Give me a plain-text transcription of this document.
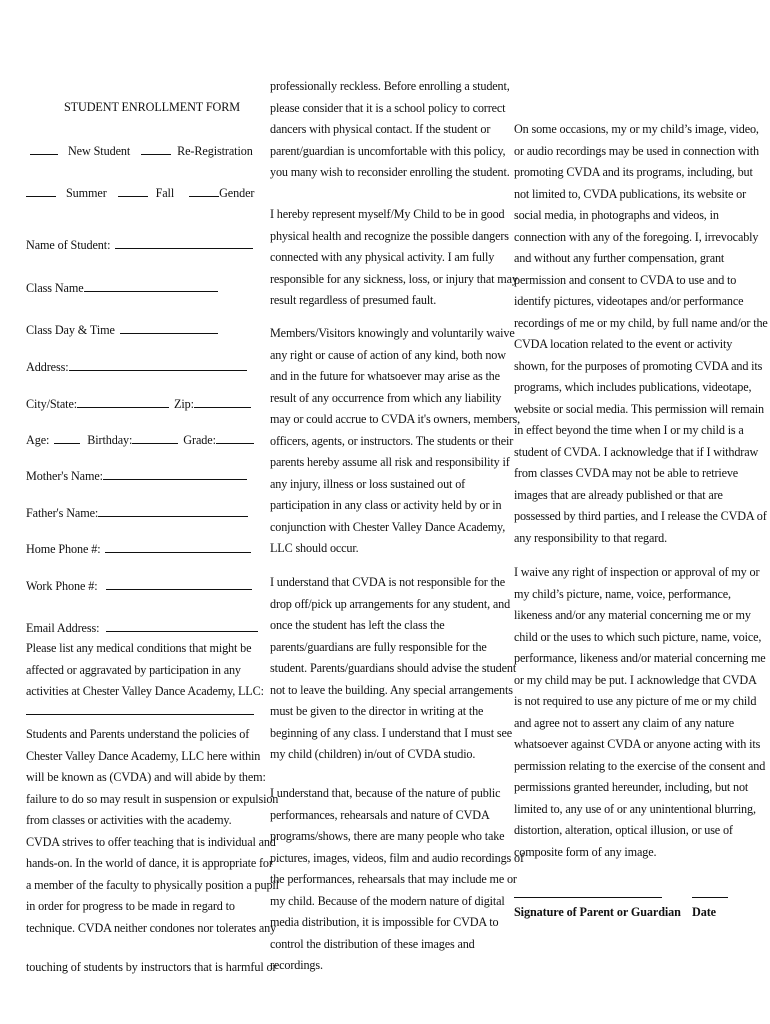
STUDENT ENROLLMENT FORM
New Student	Re-Registration
Summer	Fall	Gender
Name of Student:
Class Name
Class Day & Time
Address:
City/State:	Zip:
Age:	Birthday:	Grade:
Mother's Name:
Father's Name:
Home Phone #:
Work Phone #:
Email Address:
Please list any medical conditions that might be
affected or aggravated by participation in any
activities at Chester Valley Dance Academy, LLC:
Students and Parents understand the policies of
Chester Valley Dance Academy, LLC here within
will be known as (CVDA) and will abide by them:
failure to do so may result in suspension or expulsion
from classes or activities with the academy.
CVDA strives to offer teaching that is individual and
hands-on. In the world of dance, it is appropriate for
a member of the faculty to physically position a pupil
in order for progress to be made in regard to
technique. CVDA neither condones nor tolerates any
touching of students by instructors that is harmful or
professionally reckless. Before enrolling a student,
please consider that it is a school policy to correct
dancers with physical contact. If the student or
parent/guardian is uncomfortable with this policy,
you many wish to reconsider enrolling the student.
I hereby represent myself/My Child to be in good
physical health and recognize the possible dangers
connected with any physical activity. I am fully
responsible for any sickness, loss, or injury that may
result regardless of presumed fault.
Members/Visitors knowingly and voluntarily waive
any right or cause of action of any kind, both now
and in the future for whatsoever may arise as the
result of any occurrence from which any liability
may or could accrue to CVDA it's owners, members,
officers, agents, or instructors. The students or their
parents hereby assume all risk and responsibility if
any injury, illness or loss sustained out of
participation in any class or activity held by or in
conjunction with Chester Valley Dance Academy,
LLC should occur.
I understand that CVDA is not responsible for the
drop off/pick up arrangements for any student, and
once the student has left the class the
parents/guardians are fully responsible for the
student. Parents/guardians should advise the student
not to leave the building. Any special arrangements
must be given to the director in writing at the
beginning of any class. I understand that I must see
my child (children) in/out of CVDA studio.
I understand that, because of the nature of public
performances, rehearsals and nature of CVDA
programs/shows, there are many people who take
pictures, images, videos, film and audio recordings of
the performances, rehearsals that may include me or
my child. Because of the modern nature of digital
media distribution, it is impossible for CVDA to
control the distribution of these images and
recordings.
On some occasions, my or my child’s image, video,
or audio recordings may be used in connection with
promoting CVDA and its programs, including, but
not limited to, CVDA publications, its website or
social media, in photographs and videos, in
connection with any of the foregoing. I, irrevocably
and without any further compensation, grant
permission and consent to CVDA to use and to
identify pictures, videotapes and/or performance
recordings of me or my child, by full name and/or the
CVDA location related to the event or activity
shown, for the purposes of promoting CVDA and its
programs, which includes publications, videotape,
website or social media. This permission will remain
in effect beyond the time when I or my child is a
student of CVDA. I acknowledge that if I withdraw
from classes CVDA may not be able to retrieve
images that are already published or that are
possessed by third parties, and I release the CVDA of
any responsibility to that regard.
I waive any right of inspection or approval of my or
my child’s picture, name, voice, performance,
likeness and/or any material concerning me or my
child or the uses to which such picture, name, voice,
performance, likeness and/or material concerning me
or my child may be put. I acknowledge that CVDA
is not required to use any picture of me or my child
and agree not to assert any claim of any nature
whatsoever against CVDA or anyone acting with its
permission relating to the exercise of the consent and
permissions granted hereunder, including, but not
limited to, any use of or any unintentional blurring,
distortion, alteration, optical illusion, or use of
composite form of any image.
Signature of Parent or Guardian Date
